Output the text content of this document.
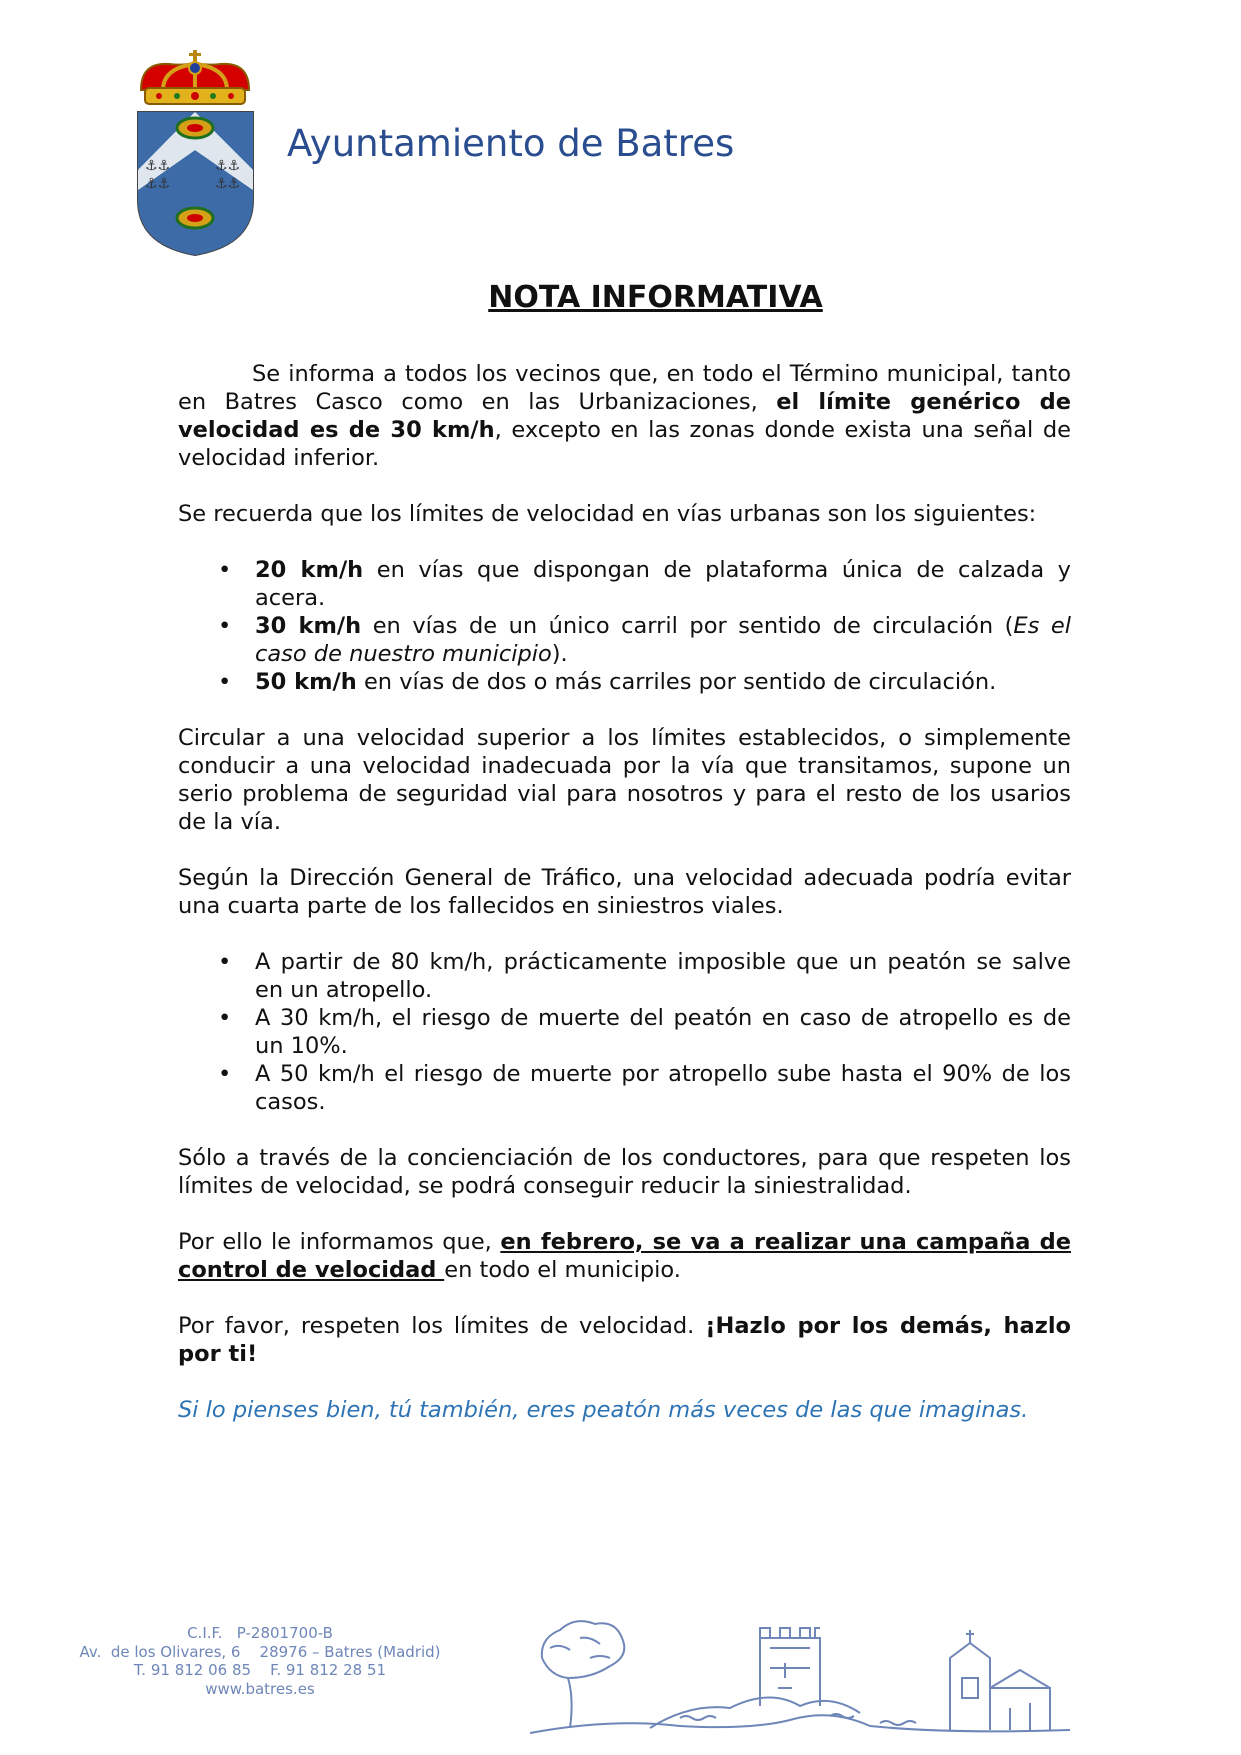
⚓⚓
⚓⚓
⚓⚓
⚓⚓
Ayuntamiento de Batres
NOTA INFORMATIVA

Se informa a todos los vecinos que, en todo el Término municipal, tanto en Batres Casco como en las Urbanizaciones, el límite genérico de velocidad es de 30 km/h, excepto en las zonas donde exista una señal de velocidad inferior.

Se recuerda que los límites de velocidad en vías urbanas son los siguientes:

• 20 km/h en vías que dispongan de plataforma única de calzada y acera.
• 30 km/h en vías de un único carril por sentido de circulación (Es el caso de nuestro municipio).
• 50 km/h en vías de dos o más carriles por sentido de circulación.

Circular a una velocidad superior a los límites establecidos, o simplemente conducir a una velocidad inadecuada por la vía que transitamos, supone un serio problema de seguridad vial para nosotros y para el resto de los usarios de la vía.

Según la Dirección General de Tráfico, una velocidad adecuada podría evitar una cuarta parte de los fallecidos en siniestros viales.

• A partir de 80 km/h, prácticamente imposible que un peatón se salve en un atropello.
• A 30 km/h, el riesgo de muerte del peatón en caso de atropello es de un 10%.
• A 50 km/h el riesgo de muerte por atropello sube hasta el 90% de los casos.

Sólo a través de la concienciación de los conductores, para que respeten los límites de velocidad, se podrá conseguir reducir la siniestralidad.

Por ello le informamos que, en febrero, se va a realizar una campaña de control de velocidad en todo el municipio.

Por favor, respeten los límites de velocidad. ¡Hazlo por los demás, hazlo por ti!

Si lo pienses bien, tú también, eres peatón más veces de las que imaginas.

C.I.F.   P-2801700-B
Av.  de los Olivares, 6    28976 – Batres (Madrid)
T. 91 812 06 85    F. 91 812 28 51
www.batres.es
